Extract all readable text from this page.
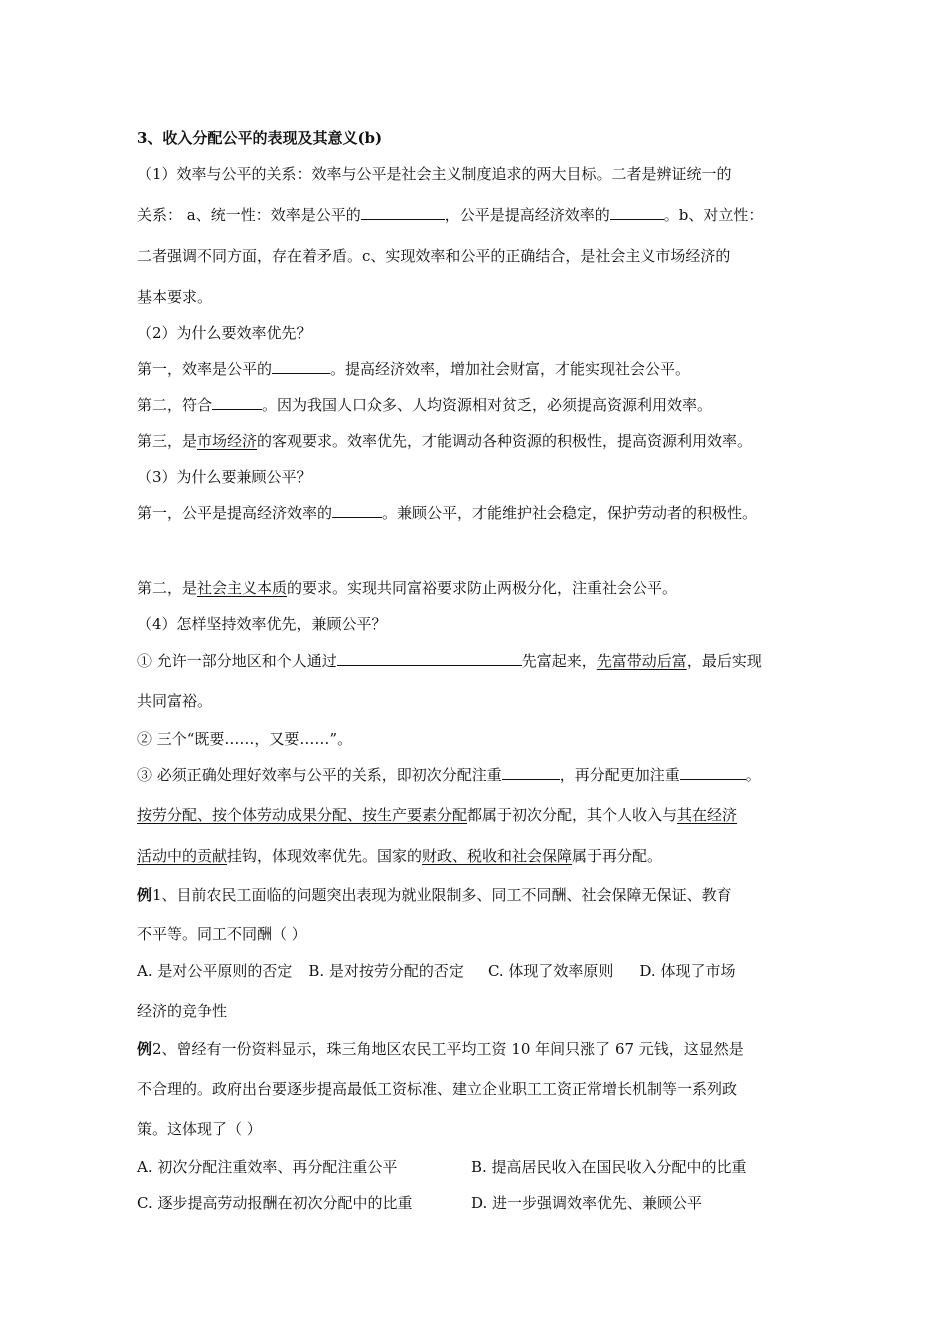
3、收入分配公平的表现及其意义(b)
（1）效率与公平的关系：效率与公平是社会主义制度追求的两大目标。二者是辨证统一的
关系： a、统一性：效率是公平的	，公平是提高经济效率的	。b、对立性：
二者强调不同方面，存在着矛盾。c、实现效率和公平的正确结合，是社会主义市场经济的
基本要求。
（2）为什么要效率优先？
第一，效率是公平的	。提高经济效率，增加社会财富，才能实现社会公平。
第二，符合	。因为我国人口众多、人均资源相对贫乏，必须提高资源利用效率。
第三，是市场经济的客观要求。效率优先，才能调动各种资源的积极性，提高资源利用效率。
（3）为什么要兼顾公平？
第一，公平是提高经济效率的	。兼顾公平，才能维护社会稳定，保护劳动者的积极性。
第二，是社会主义本质的要求。实现共同富裕要求防止两极分化，注重社会公平。
（4）怎样坚持效率优先，兼顾公平？
① 允许一部分地区和个人通过	先富起来，先富带动后富，最后实现
共同富裕。
② 三个“既要……，又要……”。
③ 必须正确处理好效率与公平的关系，即初次分配注重	，再分配更加注重	。
按劳分配、按个体劳动成果分配、按生产要素分配都属于初次分配，其个人收入与其在经济
活动中的贡献挂钩，体现效率优先。国家的财政、税收和社会保障属于再分配。
例1、目前农民工面临的问题突出表现为就业限制多、同工不同酬、社会保障无保证、教育
不平等。同工不同酬（ ）
A. 是对公平原则的否定 B. 是对按劳分配的否定 C. 体现了效率原则 D. 体现了市场
经济的竞争性
例2、曾经有一份资料显示，珠三角地区农民工平均工资 10 年间只涨了 67 元钱，这显然是
不合理的。政府出台要逐步提高最低工资标准、建立企业职工工资正常增长机制等一系列政
策。这体现了（ ）
A. 初次分配注重效率、再分配注重公平	B. 提高居民收入在国民收入分配中的比重
C. 逐步提高劳动报酬在初次分配中的比重	D. 进一步强调效率优先、兼顾公平
